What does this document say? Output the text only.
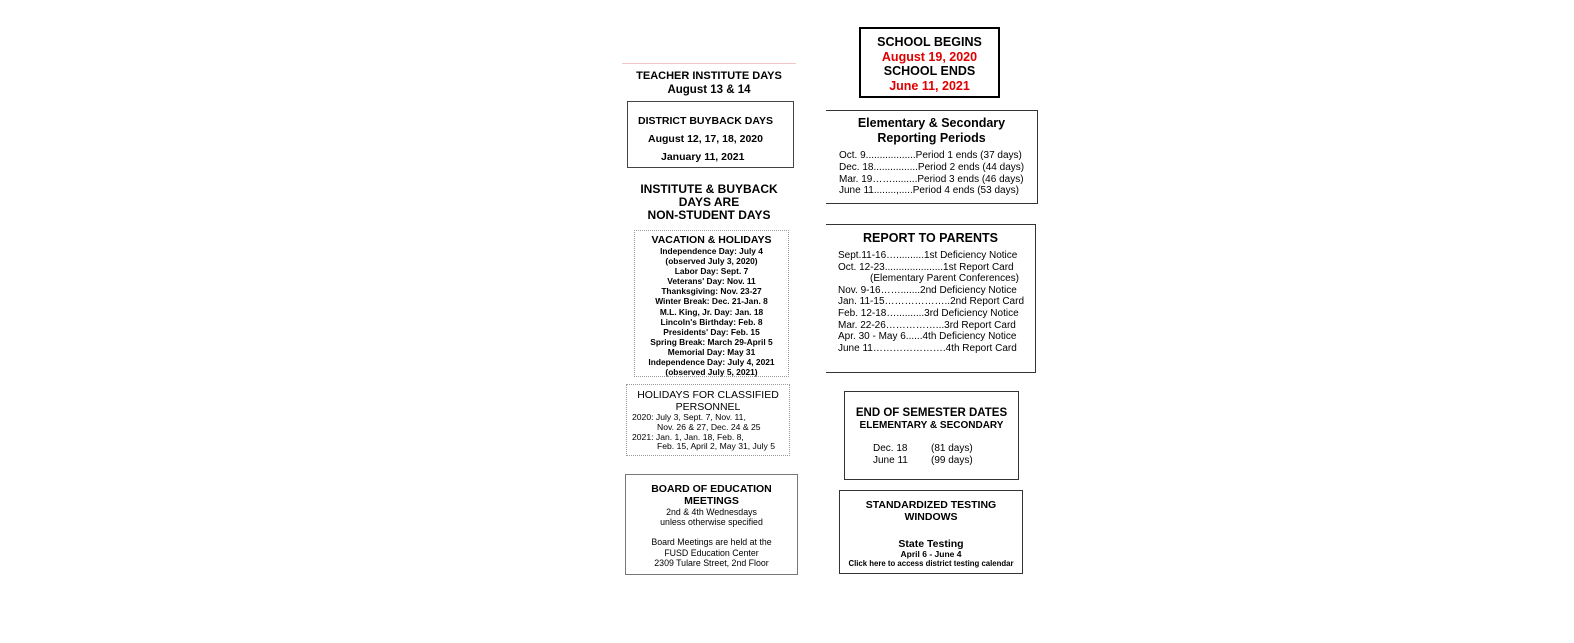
TEACHER INSTITUTE DAYS
August 13 & 14
DISTRICT BUYBACK DAYS
August 12, 17, 18, 2020
January 11, 2021
INSTITUTE & BUYBACK
DAYS ARE
NON-STUDENT DAYS
VACATION & HOLIDAYS
Independence Day: July 4
(observed July 3, 2020)
Labor Day: Sept. 7
Veterans' Day: Nov. 11
Thanksgiving: Nov. 23-27
Winter Break: Dec. 21-Jan. 8
M.L. King, Jr. Day: Jan. 18
Lincoln's Birthday: Feb. 8
Presidents' Day: Feb. 15
Spring Break: March 29-April 5
Memorial Day: May 31
Independence Day: July 4, 2021
(observed July 5, 2021)
HOLIDAYS FOR CLASSIFIED
PERSONNEL
2020: July 3, Sept. 7, Nov. 11,
Nov. 26 & 27, Dec. 24 & 25
2021: Jan. 1, Jan. 18, Feb. 8,
Feb. 15, April 2, May 31, July 5
BOARD OF EDUCATION
MEETINGS
2nd & 4th Wednesdays
unless otherwise specified
Board Meetings are held at the
FUSD Education Center
2309 Tulare Street, 2nd Floor
SCHOOL BEGINS
August 19, 2020
SCHOOL ENDS
June 11, 2021
Elementary & Secondary
Reporting Periods
Oct. 9..................Period 1 ends (37 days)
Dec. 18................Period 2 ends (44 days)
Mar. 19…….........Period 3 ends (46 days)
June 11........,.....Period 4 ends (53 days)
REPORT TO PARENTS
Sept.11-16…..........1st Deficiency Notice
Oct. 12-23.....................1st Report Card
(Elementary Parent Conferences)
Nov. 9-16…….......2nd Deficiency Notice
Jan. 11-15………………..2nd Report Card
Feb. 12-18…..........3rd Deficiency Notice
Mar. 22-26……………...3rd Report Card
Apr. 30 - May 6......4th Deficiency Notice
June 11………………….4th Report Card
END OF SEMESTER DATES
ELEMENTARY & SECONDARY
Dec. 18 (81 days)
June 11 (99 days)
STANDARDIZED TESTING
WINDOWS
State Testing
April 6 - June 4
Click here to access district testing calendar
